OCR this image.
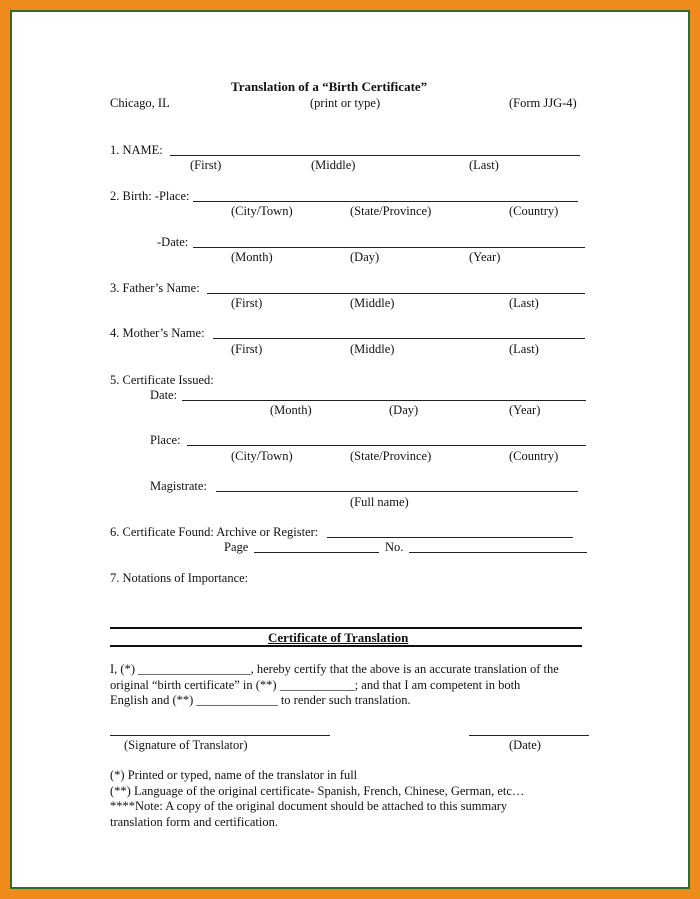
Translation of a “Birth Certificate”
Chicago, IL	(print or type)	(Form JJG-4)
1. NAME:
(First)	(Middle)	(Last)
2. Birth: -Place:
(City/Town)	(State/Province)	(Country)
-Date:
(Month)	(Day)	(Year)
3. Father’s Name:
(First)	(Middle)	(Last)
4. Mother’s Name:
(First)	(Middle)	(Last)
5. Certificate Issued:
Date:
(Month)	(Day)	(Year)
Place:
(City/Town)	(State/Province)	(Country)
Magistrate:
(Full name)
6. Certificate Found: Archive or Register:
Page	No.
7. Notations of Importance:
Certificate of Translation
I, (*) __________________, hereby certify that the above is an accurate translation of the
original “birth certificate” in (**) ____________; and that I am competent in both
English and (**) _____________ to render such translation.
(Signature of Translator)	(Date)
(*) Printed or typed, name of the translator in full
(**) Language of the original certificate- Spanish, French, Chinese, German, etc…
****Note: A copy of the original document should be attached to this summary
translation form and certification.
